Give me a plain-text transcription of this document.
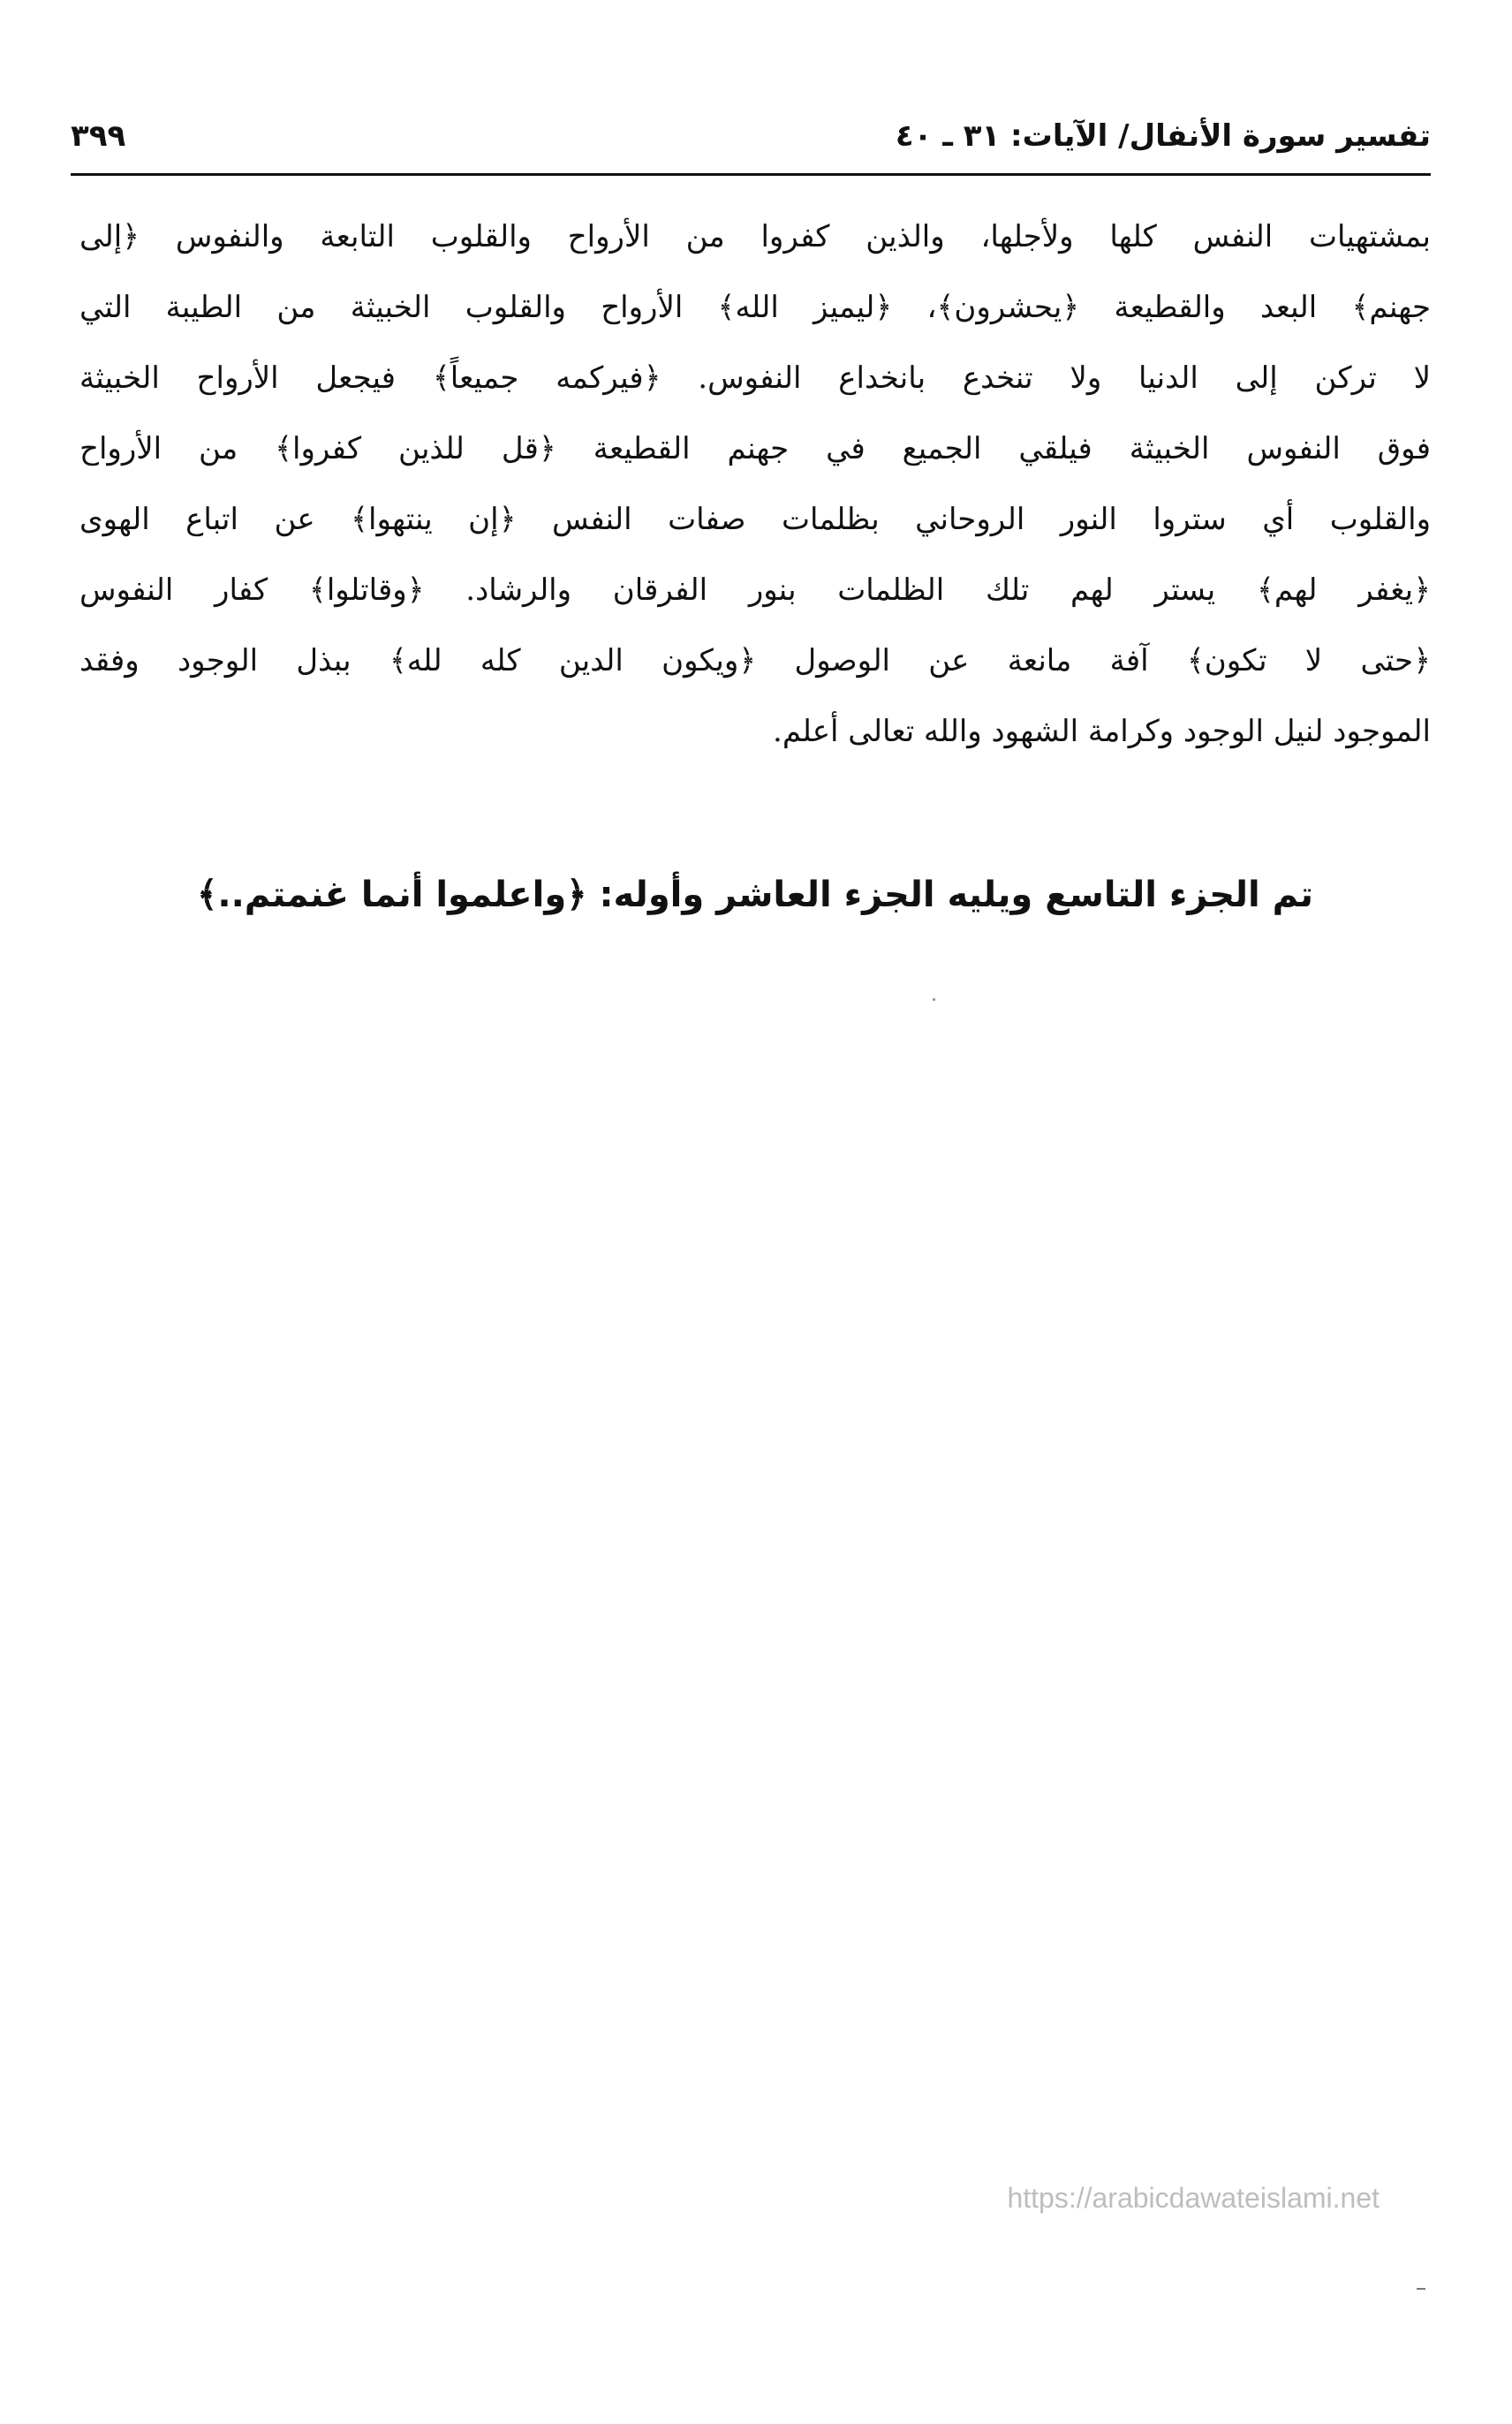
تفسير سورة الأنفال/ الآيات: ٣١ ـ ٤٠
٣٩٩
بمشتهيات النفس كلها ولأجلها، والذين كفروا من الأرواح والقلوب التابعة والنفوس ﴿إلى
جهنم﴾ البعد والقطيعة ﴿يحشرون﴾، ﴿ليميز الله﴾ الأرواح والقلوب الخبيثة من الطيبة التي
لا تركن إلى الدنيا ولا تنخدع بانخداع النفوس. ﴿فيركمه جميعاً﴾ فيجعل الأرواح الخبيثة
فوق النفوس الخبيثة فيلقي الجميع في جهنم القطيعة ﴿قل للذين كفروا﴾ من الأرواح
والقلوب أي ستروا النور الروحاني بظلمات صفات النفس ﴿إن ينتهوا﴾ عن اتباع الهوى
﴿يغفر لهم﴾ يستر لهم تلك الظلمات بنور الفرقان والرشاد. ﴿وقاتلوا﴾ كفار النفوس
﴿حتى لا تكون﴾ آفة مانعة عن الوصول ﴿ويكون الدين كله لله﴾ ببذل الوجود وفقد
الموجود لنيل الوجود وكرامة الشهود والله تعالى أعلم.
تم الجزء التاسع ويليه الجزء العاشر وأوله: ﴿واعلموا أنما غنمتم..﴾
https://arabicdawateislami.net
